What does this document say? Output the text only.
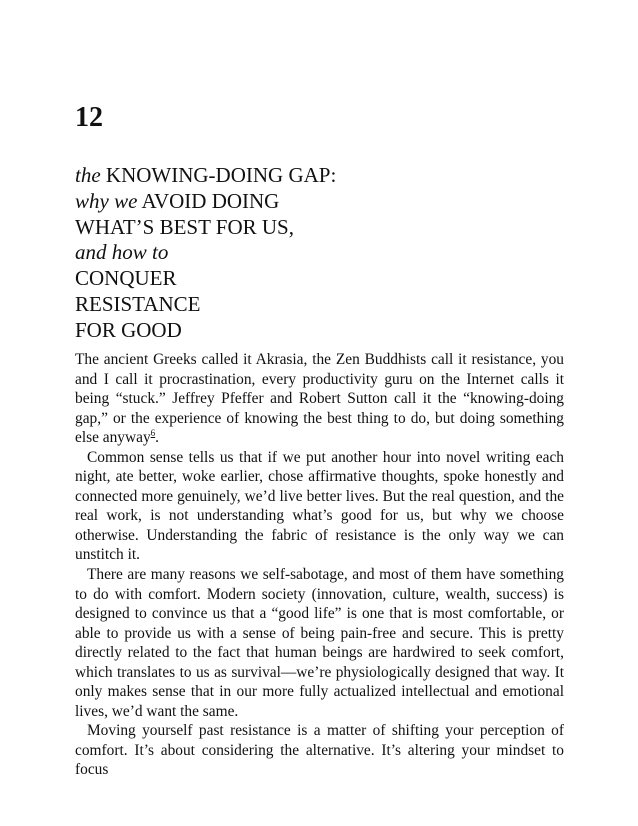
12
the KNOWING-DOING GAP:
why we AVOID DOING
WHAT’S BEST FOR US,
and how to
CONQUER
RESISTANCE
FOR GOOD

The ancient Greeks called it Akrasia, the Zen Buddhists call it resistance, you and I call it procrastination, every productivity guru on the Internet calls it being “stuck.” Jeffrey Pfeffer and Robert Sutton call it the “knowing-doing gap,” or the experience of knowing the best thing to do, but doing something else anyway$^6$.

Common sense tells us that if we put another hour into novel writing each night, ate better, woke earlier, chose affirmative thoughts, spoke honestly and connected more genuinely, we’d live better lives. But the real question, and the real work, is not understanding what’s good for us, but why we choose otherwise. Understanding the fabric of resistance is the only way we can unstitch it.

There are many reasons we self-sabotage, and most of them have something to do with comfort. Modern society (innovation, culture, wealth, success) is designed to convince us that a “good life” is one that is most comfortable, or able to provide us with a sense of being pain-free and secure. This is pretty directly related to the fact that human beings are hardwired to seek comfort, which translates to us as survival—we’re physiologically designed that way. It only makes sense that in our more fully actualized intellectual and emotional lives, we’d want the same.

Moving yourself past resistance is a matter of shifting your perception of comfort. It’s about considering the alternative. It’s altering your mindset to focus
